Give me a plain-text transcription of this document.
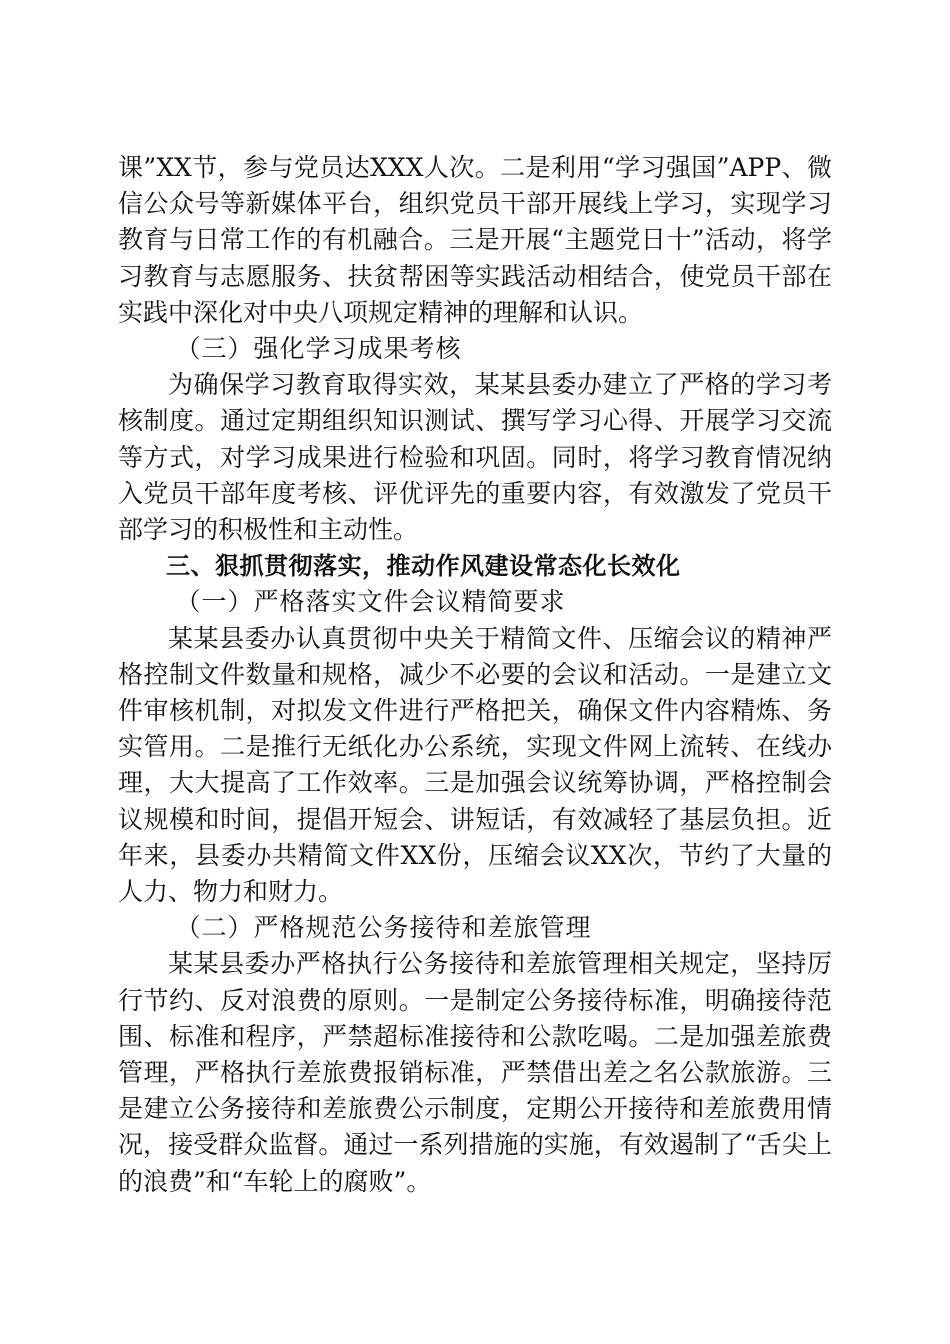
课”XX节，参与党员达XXX人次。二是利用“学习强国”APP、微信公众号等新媒体平台，组织党员干部开展线上学习，实现学习教育与日常工作的有机融合。三是开展“主题党日十”活动，将学习教育与志愿服务、扶贫帮困等实践活动相结合，使党员干部在实践中深化对中央八项规定精神的理解和认识。

（三）强化学习成果考核

为确保学习教育取得实效，某某县委办建立了严格的学习考核制度。通过定期组织知识测试、撰写学习心得、开展学习交流等方式，对学习成果进行检验和巩固。同时，将学习教育情况纳入党员干部年度考核、评优评先的重要内容，有效激发了党员干部学习的积极性和主动性。

三、狠抓贯彻落实，推动作风建设常态化长效化

（一）严格落实文件会议精简要求

某某县委办认真贯彻中央关于精简文件、压缩会议的精神严格控制文件数量和规格，减少不必要的会议和活动。一是建立文件审核机制，对拟发文件进行严格把关，确保文件内容精炼、务实管用。二是推行无纸化办公系统，实现文件网上流转、在线办理，大大提高了工作效率。三是加强会议统筹协调，严格控制会议规模和时间，提倡开短会、讲短话，有效减轻了基层负担。近年来，县委办共精简文件XX份，压缩会议XX次，节约了大量的人力、物力和财力。

（二）严格规范公务接待和差旅管理

某某县委办严格执行公务接待和差旅管理相关规定，坚持厉行节约、反对浪费的原则。一是制定公务接待标准，明确接待范围、标准和程序，严禁超标准接待和公款吃喝。二是加强差旅费管理，严格执行差旅费报销标准，严禁借出差之名公款旅游。三是建立公务接待和差旅费公示制度，定期公开接待和差旅费用情况，接受群众监督。通过一系列措施的实施，有效遏制了“舌尖上的浪费”和“车轮上的腐败”。
